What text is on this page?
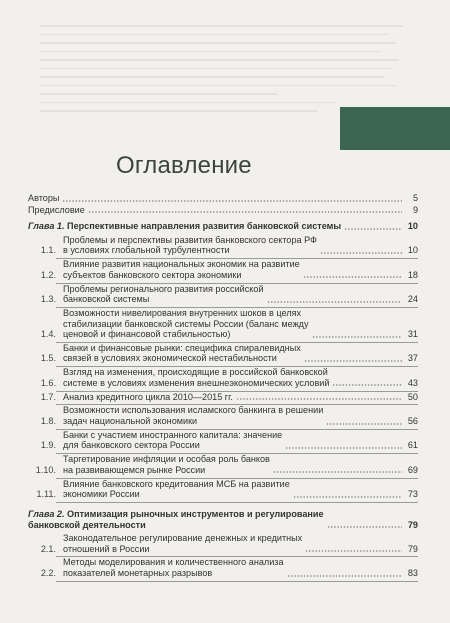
Оглавление
Авторы	5
Предисловие	9
Глава 1. Перспективные направления развития банковской системы	10
1.1.
Проблемы и перспективы развития банковского сектора РФ
в условиях глобальной турбулентности	10
1.2.
Влияние развития национальных экономик на развитие
субъектов банковского сектора экономики	18
1.3.
Проблемы регионального развития российской
банковской системы	24
1.4.
Возможности нивелирования внутренних шоков в целях
стабилизации банковской системы России (баланс между
ценовой и финансовой стабильностью)	31
1.5.
Банки и финансовые рынки: специфика спиралевидных
связей в условиях экономической нестабильности	37
1.6.
Взгляд на изменения, происходящие в российской банковской
системе в условиях изменения внешнеэкономических условий	43
1.7. Анализ кредитного цикла 2010—2015 гг.	50
1.8.
Возможности использования исламского банкинга в решении
задач национальной экономики	56
1.9.
Банки с участием иностранного капитала: значение
для банковского сектора России	61
1.10.
Таргетирование инфляции и особая роль банков
на развивающемся рынке России	69
1.11.
Влияние банковского кредитования МСБ на развитие
экономики России	73
Глава 2. Оптимизация рыночных инструментов и регулирование
банковской деятельности	79
2.1.
Законодательное регулирование денежных и кредитных
отношений в России	79
2.2.
Методы моделирования и количественного анализа
показателей монетарных разрывов	83
